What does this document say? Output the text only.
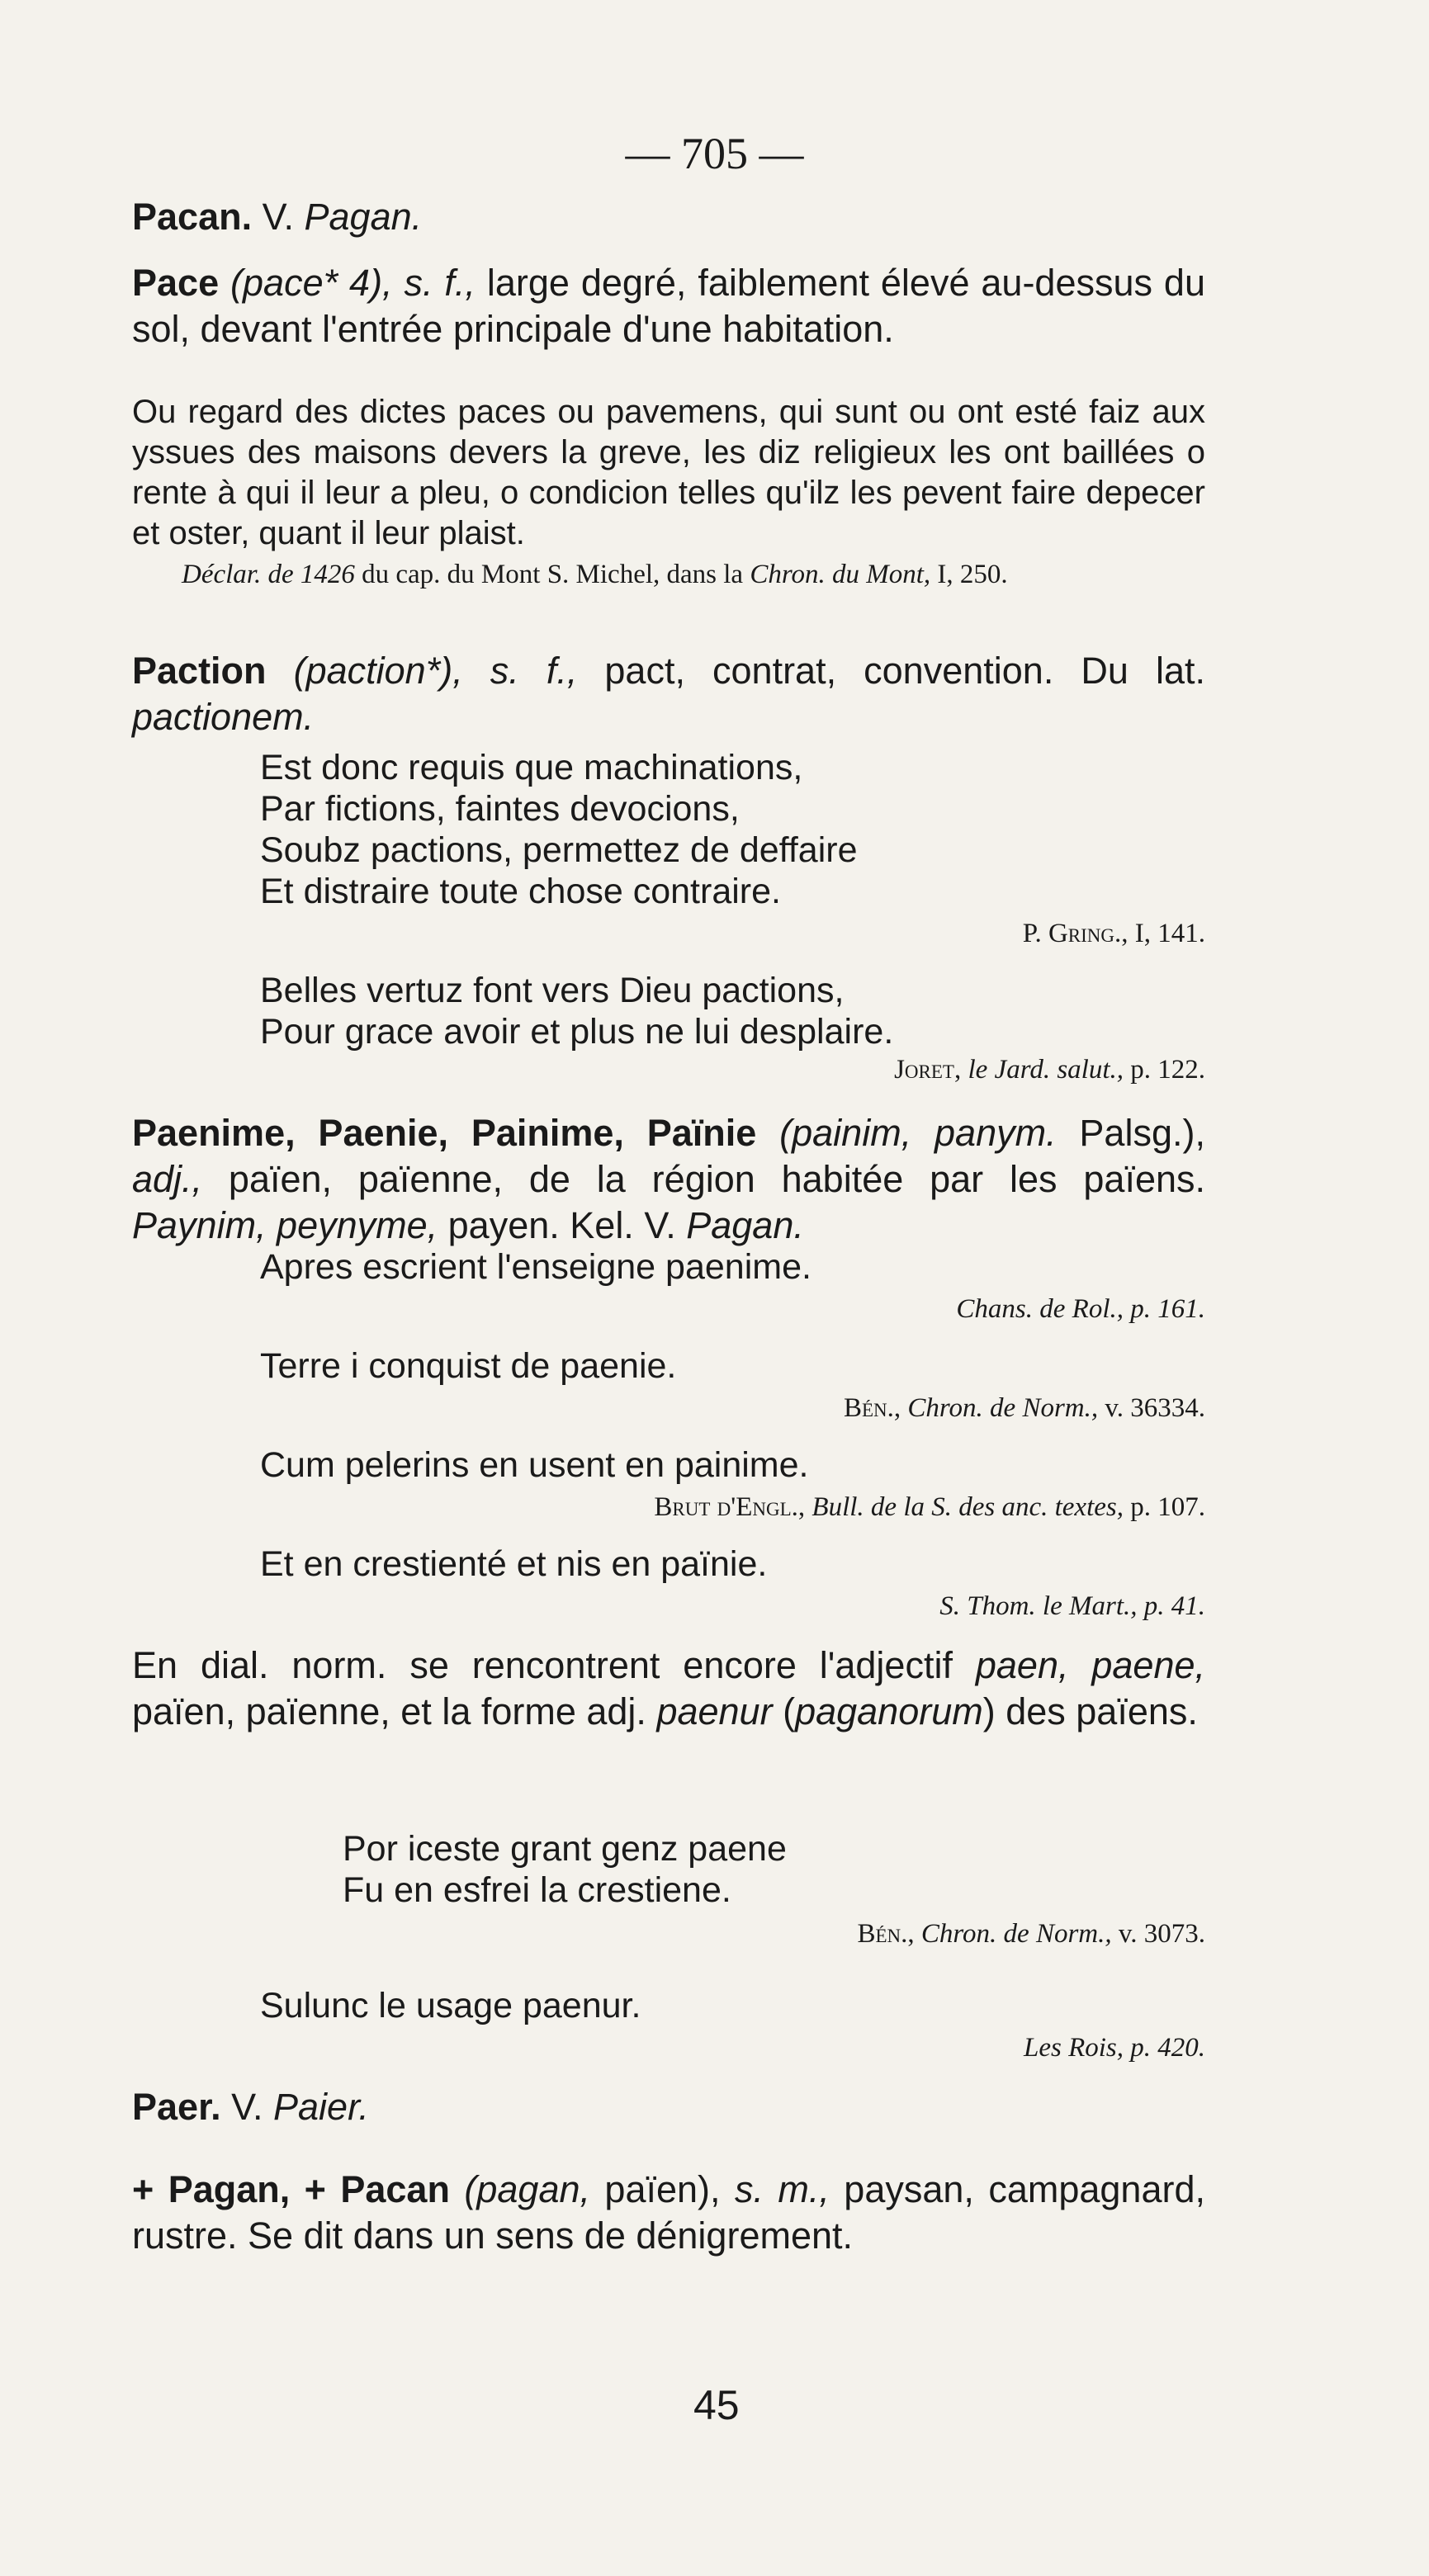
— 705 —
Pacan. V. Pagan.
Pace (pace* 4), s. f., large degré, faiblement élevé au-dessus du sol, devant l'entrée principale d'une habitation.
Ou regard des dictes paces ou pavemens, qui sunt ou ont esté faiz aux yssues des maisons devers la greve, les diz religieux les ont baillées o rente à qui il leur a pleu, o condicion telles qu'ilz les pevent faire depecer et oster, quant il leur plaist.
Déclar. de 1426 du cap. du Mont S. Michel, dans la Chron. du Mont, I, 250.
Paction (paction*), s. f., pact, contrat, convention. Du lat. pactionem.
Est donc requis que machinations,
Par fictions, faintes devocions,
Soubz pactions, permettez de deffaire
Et distraire toute chose contraire.
P. Gring., I, 141.
Belles vertuz font vers Dieu pactions,
Pour grace avoir et plus ne lui desplaire.
Joret, le Jard. salut., p. 122.
Paenime, Paenie, Painime, Païnie (painim, panym. Palsg.), adj., païen, païenne, de la région habitée par les païens. Paynim, peynyme, payen. Kel. V. Pagan.
Apres escrient l'enseigne paenime.
Chans. de Rol., p. 161.
Terre i conquist de paenie.
Bén., Chron. de Norm., v. 36334.
Cum pelerins en usent en painime.
Brut d'Engl., Bull. de la S. des anc. textes, p. 107.
Et en crestienté et nis en païnie.
S. Thom. le Mart., p. 41.
En dial. norm. se rencontrent encore l'adjectif paen, paene, païen, païenne, et la forme adj. paenur (paganorum) des païens.
Por iceste grant genz paene
Fu en esfrei la crestiene.
Bén., Chron. de Norm., v. 3073.
Sulunc le usage paenur.
Les Rois, p. 420.
Paer. V. Paier.
+ Pagan, + Pacan (pagan, païen), s. m., paysan, campagnard, rustre. Se dit dans un sens de dénigrement.
45
